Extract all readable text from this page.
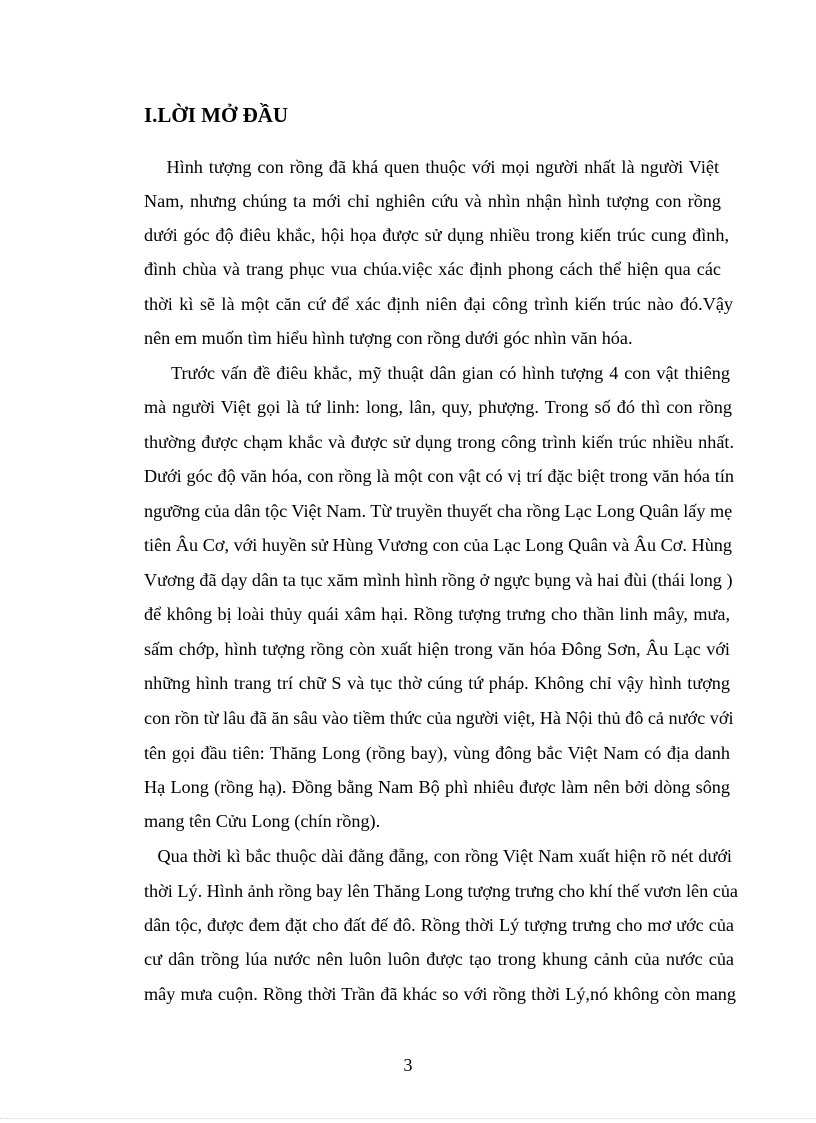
I.LỜI MỞ ĐẦU
Hình tượng con rồng đã khá quen thuộc với mọi người nhất là người Việt
Nam, nhưng chúng ta mới chỉ nghiên cứu và nhìn nhận hình tượng con rồng
dưới góc độ điêu khắc, hội họa được sử dụng nhiều trong kiến trúc cung đình,
đình chùa và trang phục vua chúa.việc xác định phong cách thể hiện qua các
thời kì sẽ là một căn cứ để xác định niên đại công trình kiến trúc nào đó.Vậy
nên em muốn tìm hiểu hình tượng con rồng dưới góc nhìn văn hóa.
Trước vấn đề điêu khắc, mỹ thuật dân gian có hình tượng 4 con vật thiêng
mà người Việt gọi là tứ linh: long, lân, quy, phượng. Trong số đó thì con rồng
thường được chạm khắc và được sử dụng trong công trình kiến trúc nhiều nhất.
Dưới góc độ văn hóa, con rồng là một con vật có vị trí đặc biệt trong văn hóa tín
ngưỡng của dân tộc Việt Nam. Từ truyền thuyết cha rồng Lạc Long Quân lấy mẹ
tiên Âu Cơ, với huyền sử Hùng Vương con của Lạc Long Quân và Âu Cơ. Hùng
Vương đã dạy dân ta tục xăm mình hình rồng ở ngực bụng và hai đùi (thái long )
để không bị loài thủy quái xâm hại. Rồng tượng trưng cho thần linh mây, mưa,
sấm chớp, hình tượng rồng còn xuất hiện trong văn hóa Đông Sơn, Âu Lạc với
những hình trang trí chữ S và tục thờ cúng tứ pháp. Không chỉ vậy hình tượng
con rồn từ lâu đã ăn sâu vào tiềm thức của người việt, Hà Nội thủ đô cả nước với
tên gọi đầu tiên: Thăng Long (rồng bay), vùng đông bắc Việt Nam có địa danh
Hạ Long (rồng hạ). Đồng bằng Nam Bộ phì nhiêu được làm nên bởi dòng sông
mang tên Cửu Long (chín rồng).
Qua thời kì bắc thuộc dài đằng đẵng, con rồng Việt Nam xuất hiện rõ nét dưới
thời Lý. Hình ảnh rồng bay lên Thăng Long tượng trưng cho khí thế vươn lên của
dân tộc, được đem đặt cho đất đế đô. Rồng thời Lý tượng trưng cho mơ ước của
cư dân trồng lúa nước nên luôn luôn được tạo trong khung cảnh của nước của
mây mưa cuộn. Rồng thời Trần đã khác so với rồng thời Lý,nó không còn mang
3
